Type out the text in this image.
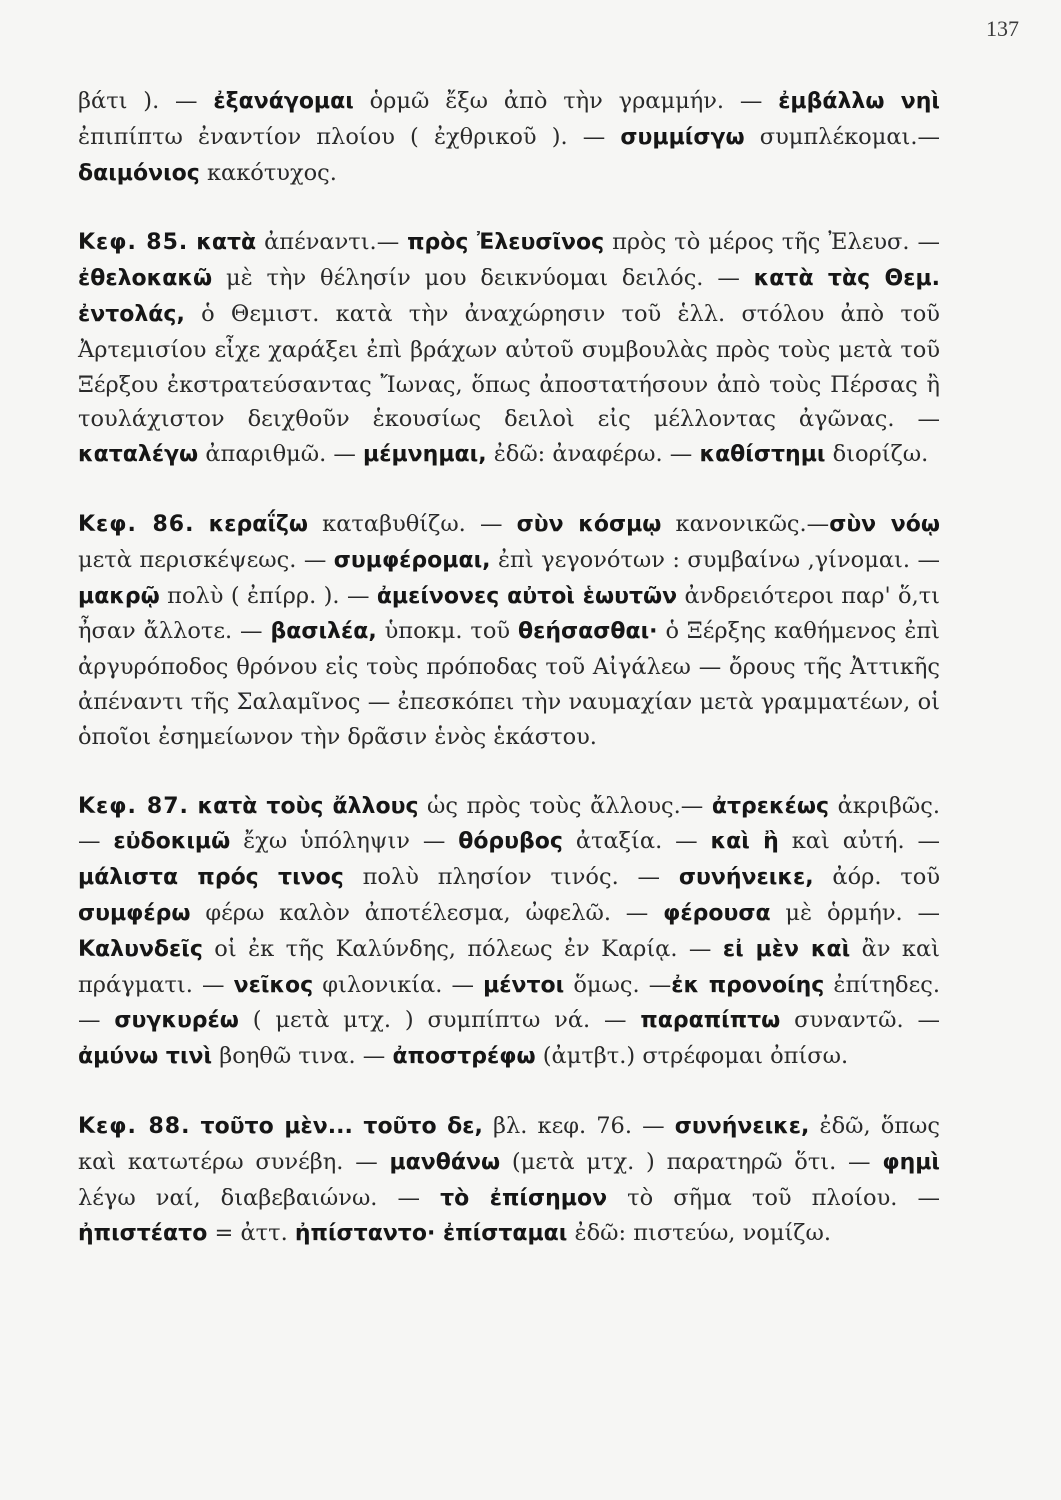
137

βάτι ). — ἐξανάγομαι ὁρμῶ ἔξω ἀπὸ τὴν γραμμήν. — ἐμβάλλω νηὶ ἐπιπίπτω ἐναντίον πλοίου ( ἐχθρικοῦ ). — συμμίσγω συμπλέκομαι.— δαιμόνιος κακότυχος.

Κεφ. 85. κατὰ ἀπέναντι.— πρὸς Ἐλευσῖνος πρὸς τὸ μέρος τῆς Ἐλευσ. — ἐθελοκακῶ μὲ τὴν θέλησίν μου δεικνύομαι δειλός. — κατὰ τὰς Θεμ. ἐντολάς, ὁ Θεμιστ. κατὰ τὴν ἀναχώρησιν τοῦ ἑλλ. στόλου ἀπὸ τοῦ Ἀρτεμισίου εἶχε χαράξει ἐπὶ βράχων αὐτοῦ συμβουλὰς πρὸς τοὺς μετὰ τοῦ Ξέρξου ἐκστρατεύσαντας Ἴωνας, ὅπως ἀποστατήσουν ἀπὸ τοὺς Πέρσας ἢ τουλάχιστον δειχθοῦν ἑκουσίως δειλοὶ εἰς μέλλοντας ἀγῶνας. — καταλέγω ἀπαριθμῶ. — μέμνημαι, ἐδῶ: ἀναφέρω. — καθίστημι διορίζω.

Κεφ. 86. κεραΐζω καταβυθίζω. — σὺν κόσμῳ κανονικῶς.—σὺν νόῳ μετὰ περισκέψεως. — συμφέρομαι, ἐπὶ γεγονότων : συμβαίνω ,γίνομαι. — μακρῷ πολὺ ( ἐπίρρ. ). — ἀμείνονες αὐτοὶ ἑωυτῶν ἀνδρειότεροι παρ' ὅ,τι ἦσαν ἄλλοτε. — βασιλέα, ὑποκμ. τοῦ θεήσασθαι· ὁ Ξέρξης καθήμενος ἐπὶ ἀργυρόποδος θρόνου εἰς τοὺς πρόποδας τοῦ Αἰγάλεω — ὄρους τῆς Ἀττικῆς ἀπέναντι τῆς Σαλαμῖνος — ἐπεσκόπει τὴν ναυμαχίαν μετὰ γραμματέων, οἱ ὁποῖοι ἐσημείωνον τὴν δρᾶσιν ἑνὸς ἑκάστου.

Κεφ. 87. κατὰ τοὺς ἄλλους ὡς πρὸς τοὺς ἄλλους.— ἀτρεκέως ἀκριβῶς. — εὐδοκιμῶ ἔχω ὑπόληψιν — θόρυβος ἀταξία. — καὶ ἢ καὶ αὐτή. — μάλιστα πρός τινος πολὺ πλησίον τινός. — συνήνεικε, ἀόρ. τοῦ συμφέρω φέρω καλὸν ἀποτέλεσμα, ὠφελῶ. — φέρουσα μὲ ὁρμήν. — Καλυνδεῖς οἱ ἐκ τῆς Καλύνδης, πόλεως ἐν Καρίᾳ. — εἰ μὲν καὶ ἂν καὶ πράγματι. — νεῖκος φιλονικία. — μέντοι ὅμως. —ἐκ προνοίης ἐπίτηδες. — συγκυρέω ( μετὰ μτχ. ) συμπίπτω νά. — παραπίπτω συναντῶ. — ἀμύνω τινὶ βοηθῶ τινα. — ἀποστρέφω (ἀμτβτ.) στρέφομαι ὀπίσω.

Κεφ. 88. τοῦτο μὲν... τοῦτο δε, βλ. κεφ. 76. — συνήνεικε, ἐδῶ, ὅπως καὶ κατωτέρω συνέβη. — μανθάνω (μετὰ μτχ. ) παρατηρῶ ὅτι. — φημὶ λέγω ναί, διαβεβαιώνω. — τὸ ἐπίσημον τὸ σῆμα τοῦ πλοίου. — ἠπιστέατο = ἀττ. ἠπίσταντο· ἐπίσταμαι ἐδῶ: πιστεύω, νομίζω.
